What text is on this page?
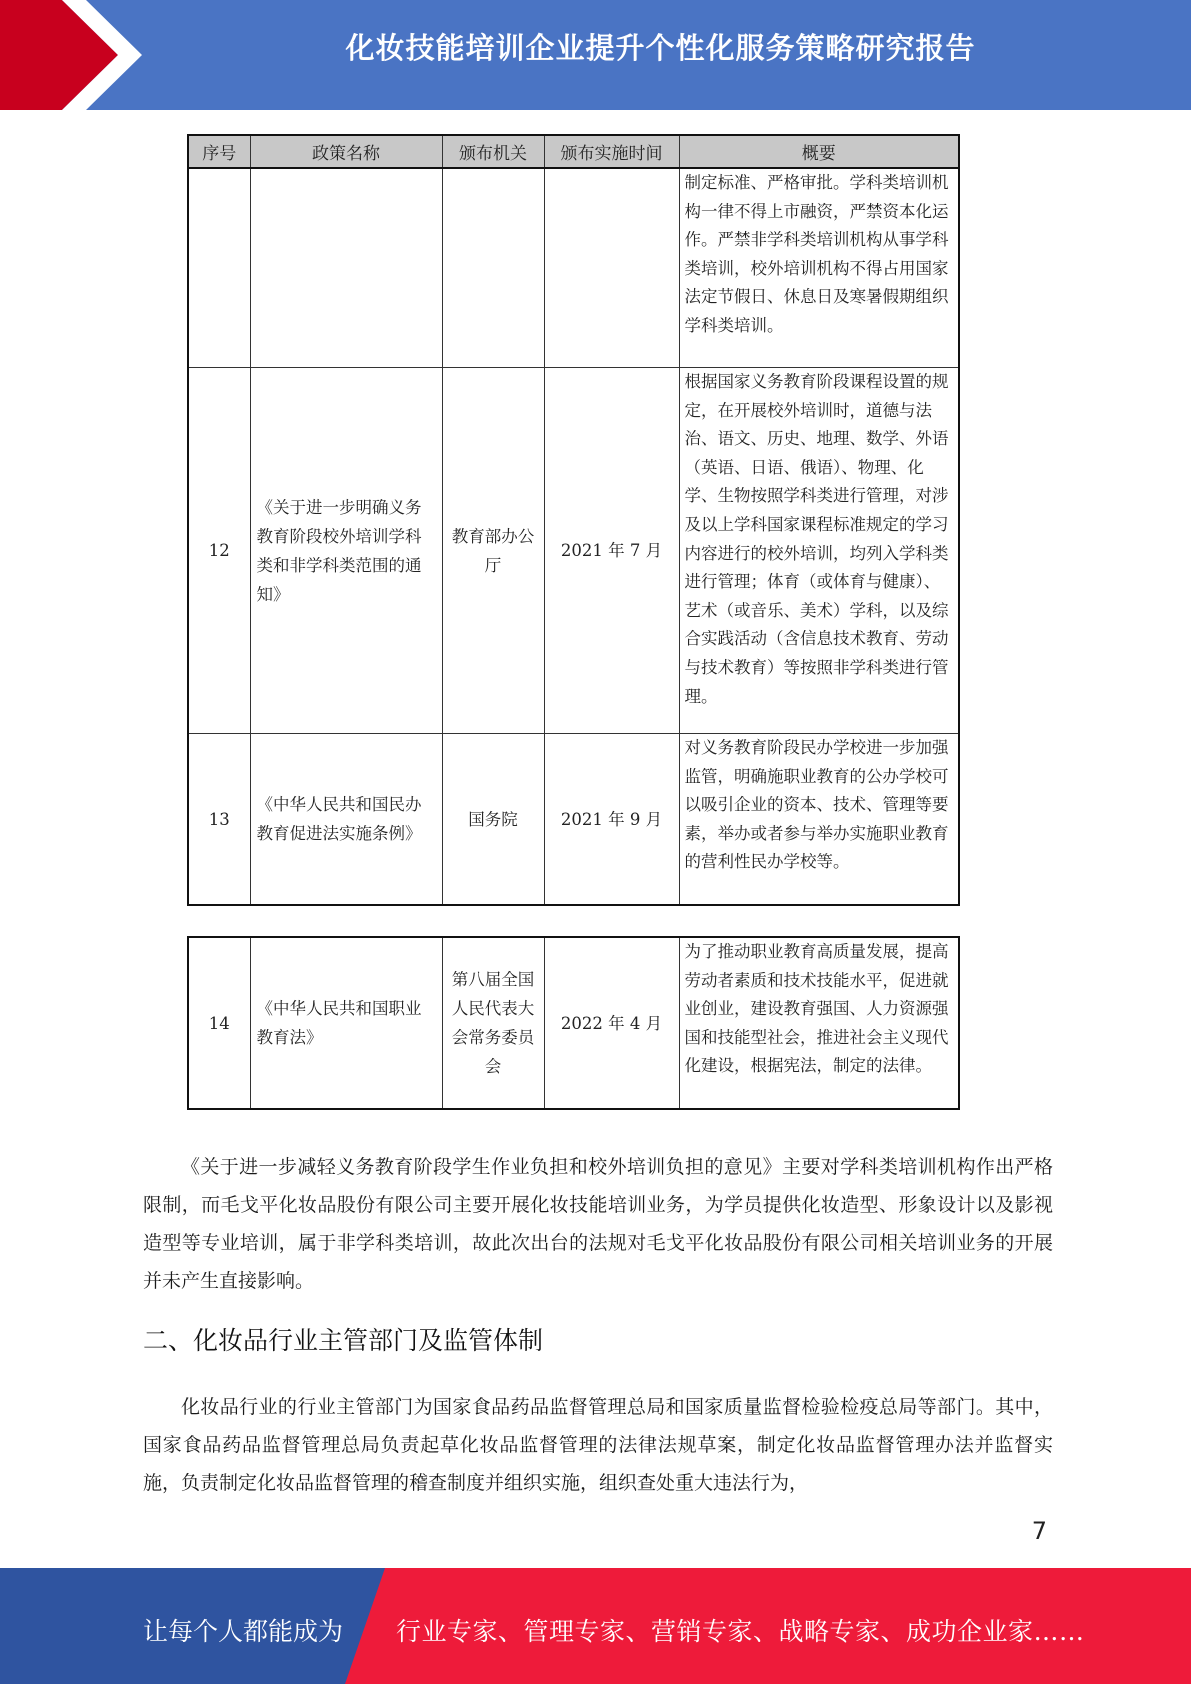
化妆技能培训企业提升个性化服务策略研究报告
序号	政策名称	颁布机关	颁布实施时间	概要
				制定标准、严格审批。学科类培训机构一律不得上市融资，严禁资本化运作。严禁非学科类培训机构从事学科类培训，校外培训机构不得占用国家法定节假日、休息日及寒暑假期组织学科类培训。
12	《关于进一步明确义务教育阶段校外培训学科类和非学科类范围的通知》	教育部办公厅	2021 年 7 月	根据国家义务教育阶段课程设置的规定，在开展校外培训时，道德与法治、语文、历史、地理、数学、外语（英语、日语、俄语）、物理、化学、生物按照学科类进行管理，对涉及以上学科国家课程标准规定的学习内容进行的校外培训，均列入学科类进行管理；体育（或体育与健康）、艺术（或音乐、美术）学科，以及综合实践活动（含信息技术教育、劳动与技术教育）等按照非学科类进行管理。
13	《中华人民共和国民办教育促进法实施条例》	国务院	2021 年 9 月	对义务教育阶段民办学校进一步加强监管，明确施职业教育的公办学校可以吸引企业的资本、技术、管理等要素，举办或者参与举办实施职业教育的营利性民办学校等。
14	《中华人民共和国职业教育法》	第八届全国人民代表大会常务委员会	2022 年 4 月	为了推动职业教育高质量发展，提高劳动者素质和技术技能水平，促进就业创业，建设教育强国、人力资源强国和技能型社会，推进社会主义现代化建设，根据宪法，制定的法律。

《关于进一步减轻义务教育阶段学生作业负担和校外培训负担的意见》主要对学科类培训机构作出严格限制，而毛戈平化妆品股份有限公司主要开展化妆技能培训业务，为学员提供化妆造型、形象设计以及影视造型等专业培训，属于非学科类培训，故此次出台的法规对毛戈平化妆品股份有限公司相关培训业务的开展并未产生直接影响。

二、化妆品行业主管部门及监管体制

化妆品行业的行业主管部门为国家食品药品监督管理总局和国家质量监督检验检疫总局等部门。其中，国家食品药品监督管理总局负责起草化妆品监督管理的法律法规草案，制定化妆品监督管理办法并监督实施，负责制定化妆品监督管理的稽查制度并组织实施，组织查处重大违法行为，

7
让每个人都能成为 行业专家、管理专家、营销专家、战略专家、成功企业家……
